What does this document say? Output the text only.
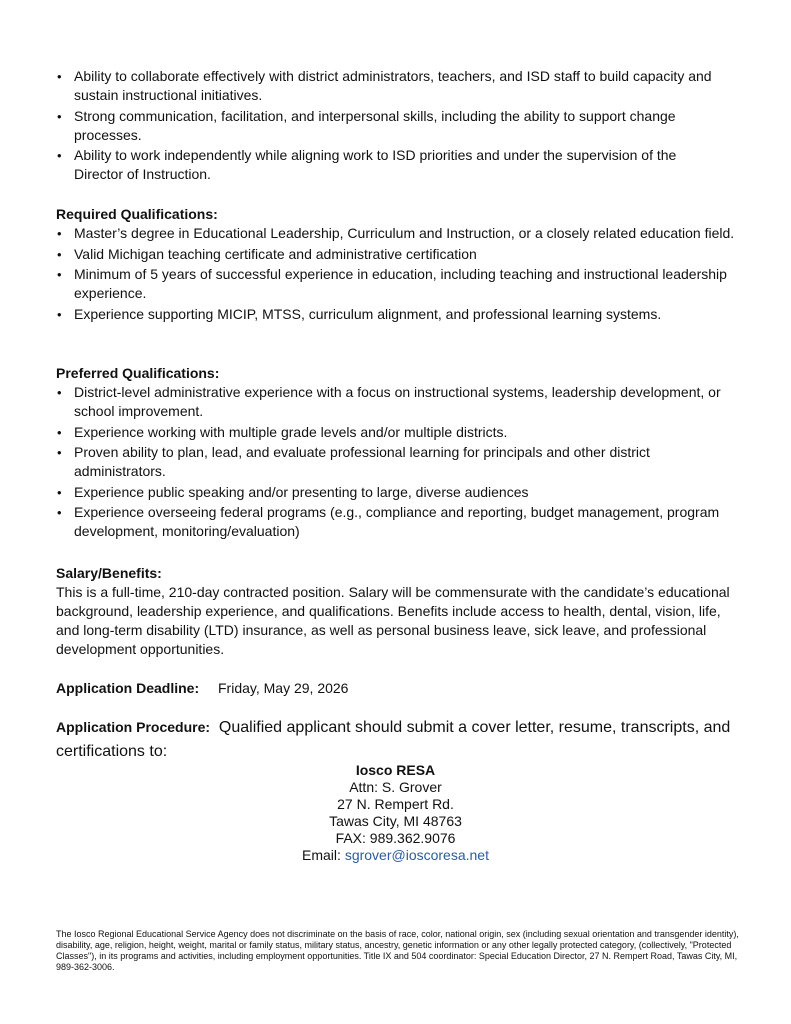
• Ability to collaborate effectively with district administrators, teachers, and ISD staff to build capacity and sustain instructional initiatives.
• Strong communication, facilitation, and interpersonal skills, including the ability to support change processes.
• Ability to work independently while aligning work to ISD priorities and under the supervision of the Director of Instruction.
Required Qualifications:
• Master’s degree in Educational Leadership, Curriculum and Instruction, or a closely related education field.
• Valid Michigan teaching certificate and administrative certification
• Minimum of 5 years of successful experience in education, including teaching and instructional leadership experience.
• Experience supporting MICIP, MTSS, curriculum alignment, and professional learning systems.
Preferred Qualifications:
• District-level administrative experience with a focus on instructional systems, leadership development, or school improvement.
• Experience working with multiple grade levels and/or multiple districts.
• Proven ability to plan, lead, and evaluate professional learning for principals and other district administrators.
• Experience public speaking and/or presenting to large, diverse audiences
• Experience overseeing federal programs (e.g., compliance and reporting, budget management, program development, monitoring/evaluation)
Salary/Benefits:
This is a full-time, 210-day contracted position. Salary will be commensurate with the candidate’s educational background, leadership experience, and qualifications. Benefits include access to health, dental, vision, life, and long-term disability (LTD) insurance, as well as personal business leave, sick leave, and professional development opportunities.
Application Deadline: Friday, May 29, 2026
Application Procedure: Qualified applicant should submit a cover letter, resume, transcripts, and certifications to:
Iosco RESA
Attn: S. Grover
27 N. Rempert Rd.
Tawas City, MI 48763
FAX: 989.362.9076
Email: sgrover@ioscoresa.net
The Iosco Regional Educational Service Agency does not discriminate on the basis of race, color, national origin, sex (including sexual orientation and transgender identity), disability, age, religion, height, weight, marital or family status, military status, ancestry, genetic information or any other legally protected category, (collectively, "Protected Classes"), in its programs and activities, including employment opportunities. Title IX and 504 coordinator: Special Education Director, 27 N. Rempert Road, Tawas City, MI, 989-362-3006.
